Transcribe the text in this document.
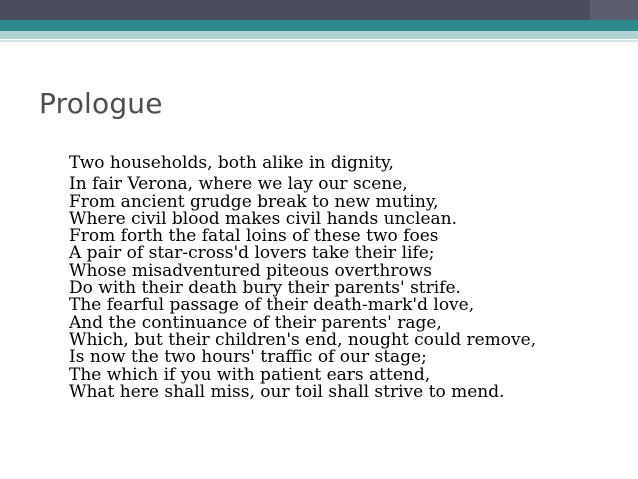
Prologue
Two households, both alike in dignity,
In fair Verona, where we lay our scene,
From ancient grudge break to new mutiny,
Where civil blood makes civil hands unclean.
From forth the fatal loins of these two foes
A pair of star-cross'd lovers take their life;
Whose misadventured piteous overthrows
Do with their death bury their parents' strife.
The fearful passage of their death-mark'd love,
And the continuance of their parents' rage,
Which, but their children's end, nought could remove,
Is now the two hours' traffic of our stage;
The which if you with patient ears attend,
What here shall miss, our toil shall strive to mend.
